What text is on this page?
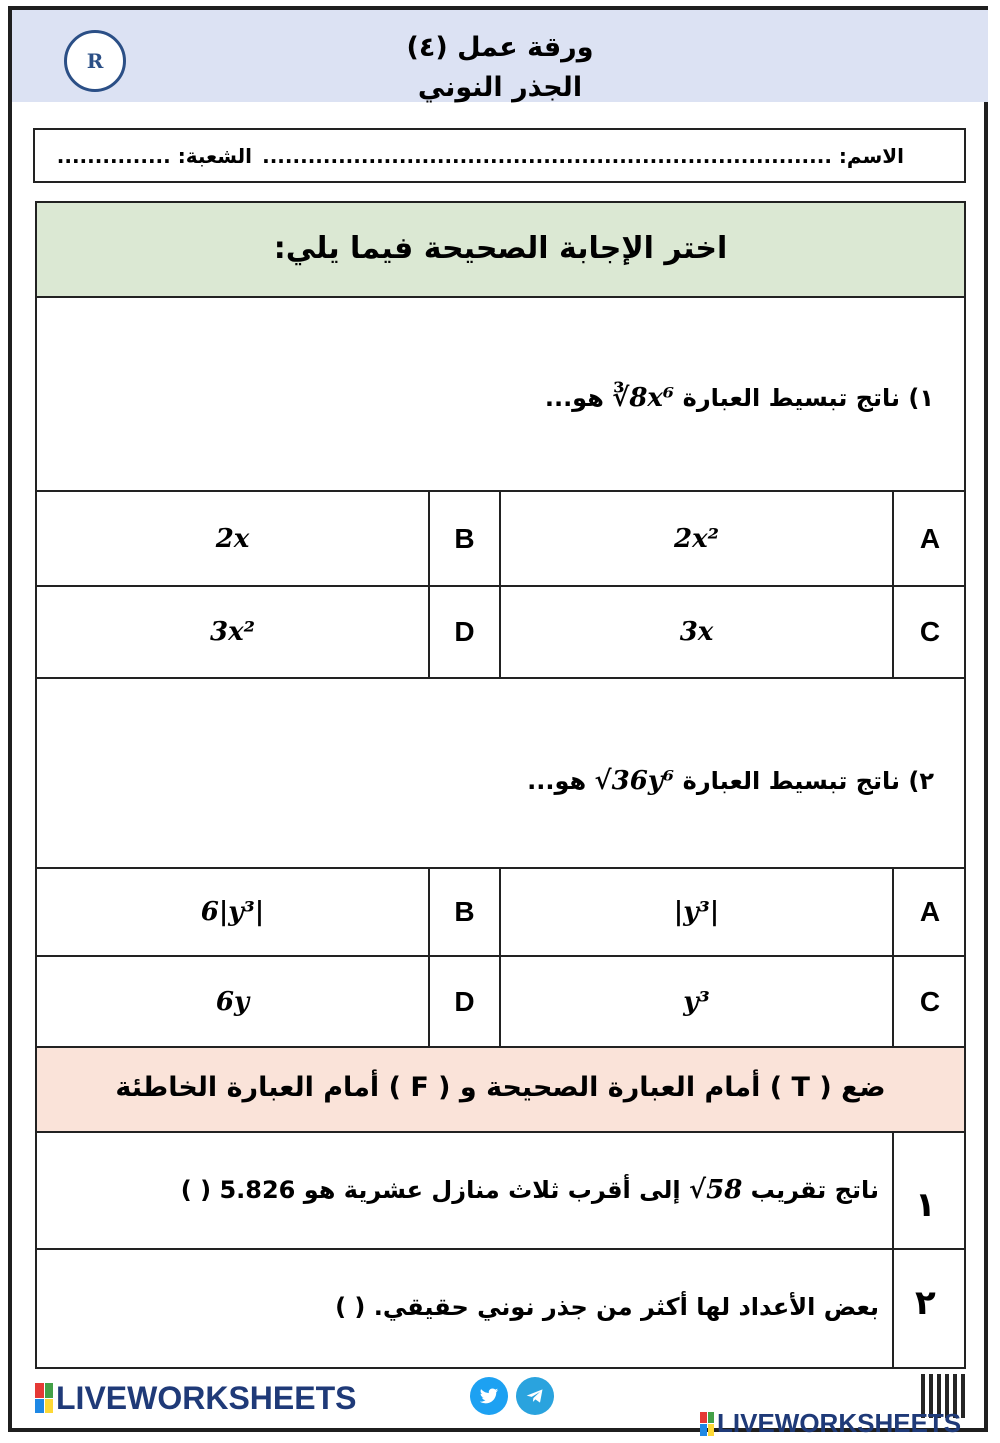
R	ورقة عمل (٤)
الجذر النوني
الاسم: ...........................................................................
الشعبة: ...............
اختر الإجابة الصحيحة فيما يلي:
١) ناتج تبسيط العبارة ∛8x⁶ هو...
A
2x²
B
2x
C
3x
D
3x²
٢) ناتج تبسيط العبارة √36y⁶ هو...
A
|y³|
B
6|y³|
C
y³
D
6y
ضع ( T ) أمام العبارة الصحيحة و ( F ) أمام العبارة الخاطئة
١
ناتج تقريب √58 إلى أقرب ثلاث منازل عشرية هو 5.826 ( )
٢
بعض الأعداد لها أكثر من جذر نوني حقيقي. ( )
LIVEWORKSHEETS
LIVEWORKSHEETS
